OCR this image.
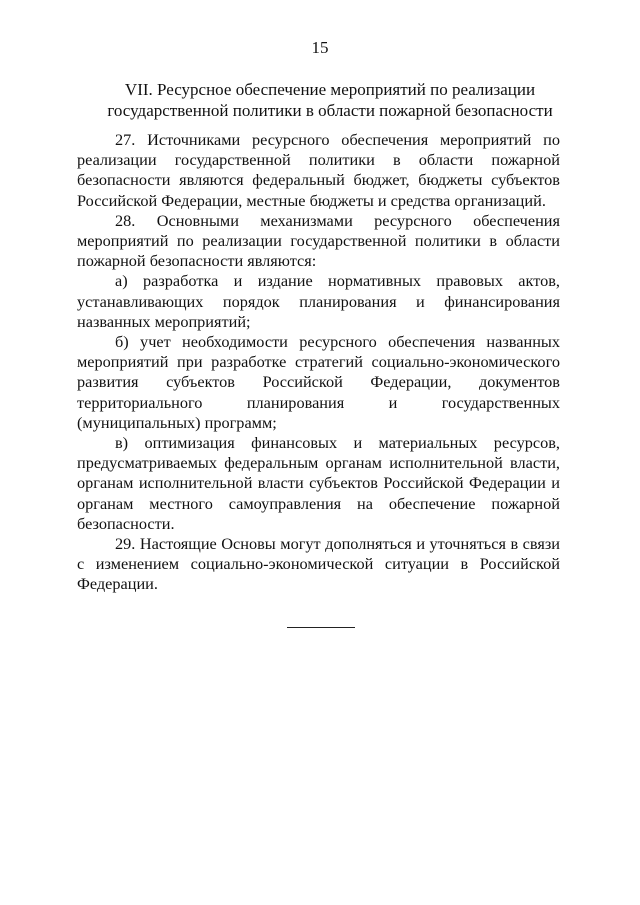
15
VII. Ресурсное обеспечение мероприятий по реализации
государственной политики в области пожарной безопасности

27. Источниками ресурсного обеспечения мероприятий по реализации государственной политики в области пожарной безопасности являются федеральный бюджет, бюджеты субъектов Российской Федерации, местные бюджеты и средства организаций.

28. Основными механизмами ресурсного обеспечения мероприятий по реализации государственной политики в области пожарной безопасности являются:

а) разработка и издание нормативных правовых актов, устанавливающих порядок планирования и финансирования названных мероприятий;

б) учет необходимости ресурсного обеспечения названных мероприятий при разработке стратегий социально-экономического развития субъектов Российской Федерации, документов территориального планирования и государственных (муниципальных) программ;

в) оптимизация финансовых и материальных ресурсов, предусматриваемых федеральным органам исполнительной власти, органам исполнительной власти субъектов Российской Федерации и органам местного самоуправления на обеспечение пожарной безопасности.

29. Настоящие Основы могут дополняться и уточняться в связи с изменением социально-экономической ситуации в Российской Федерации.
